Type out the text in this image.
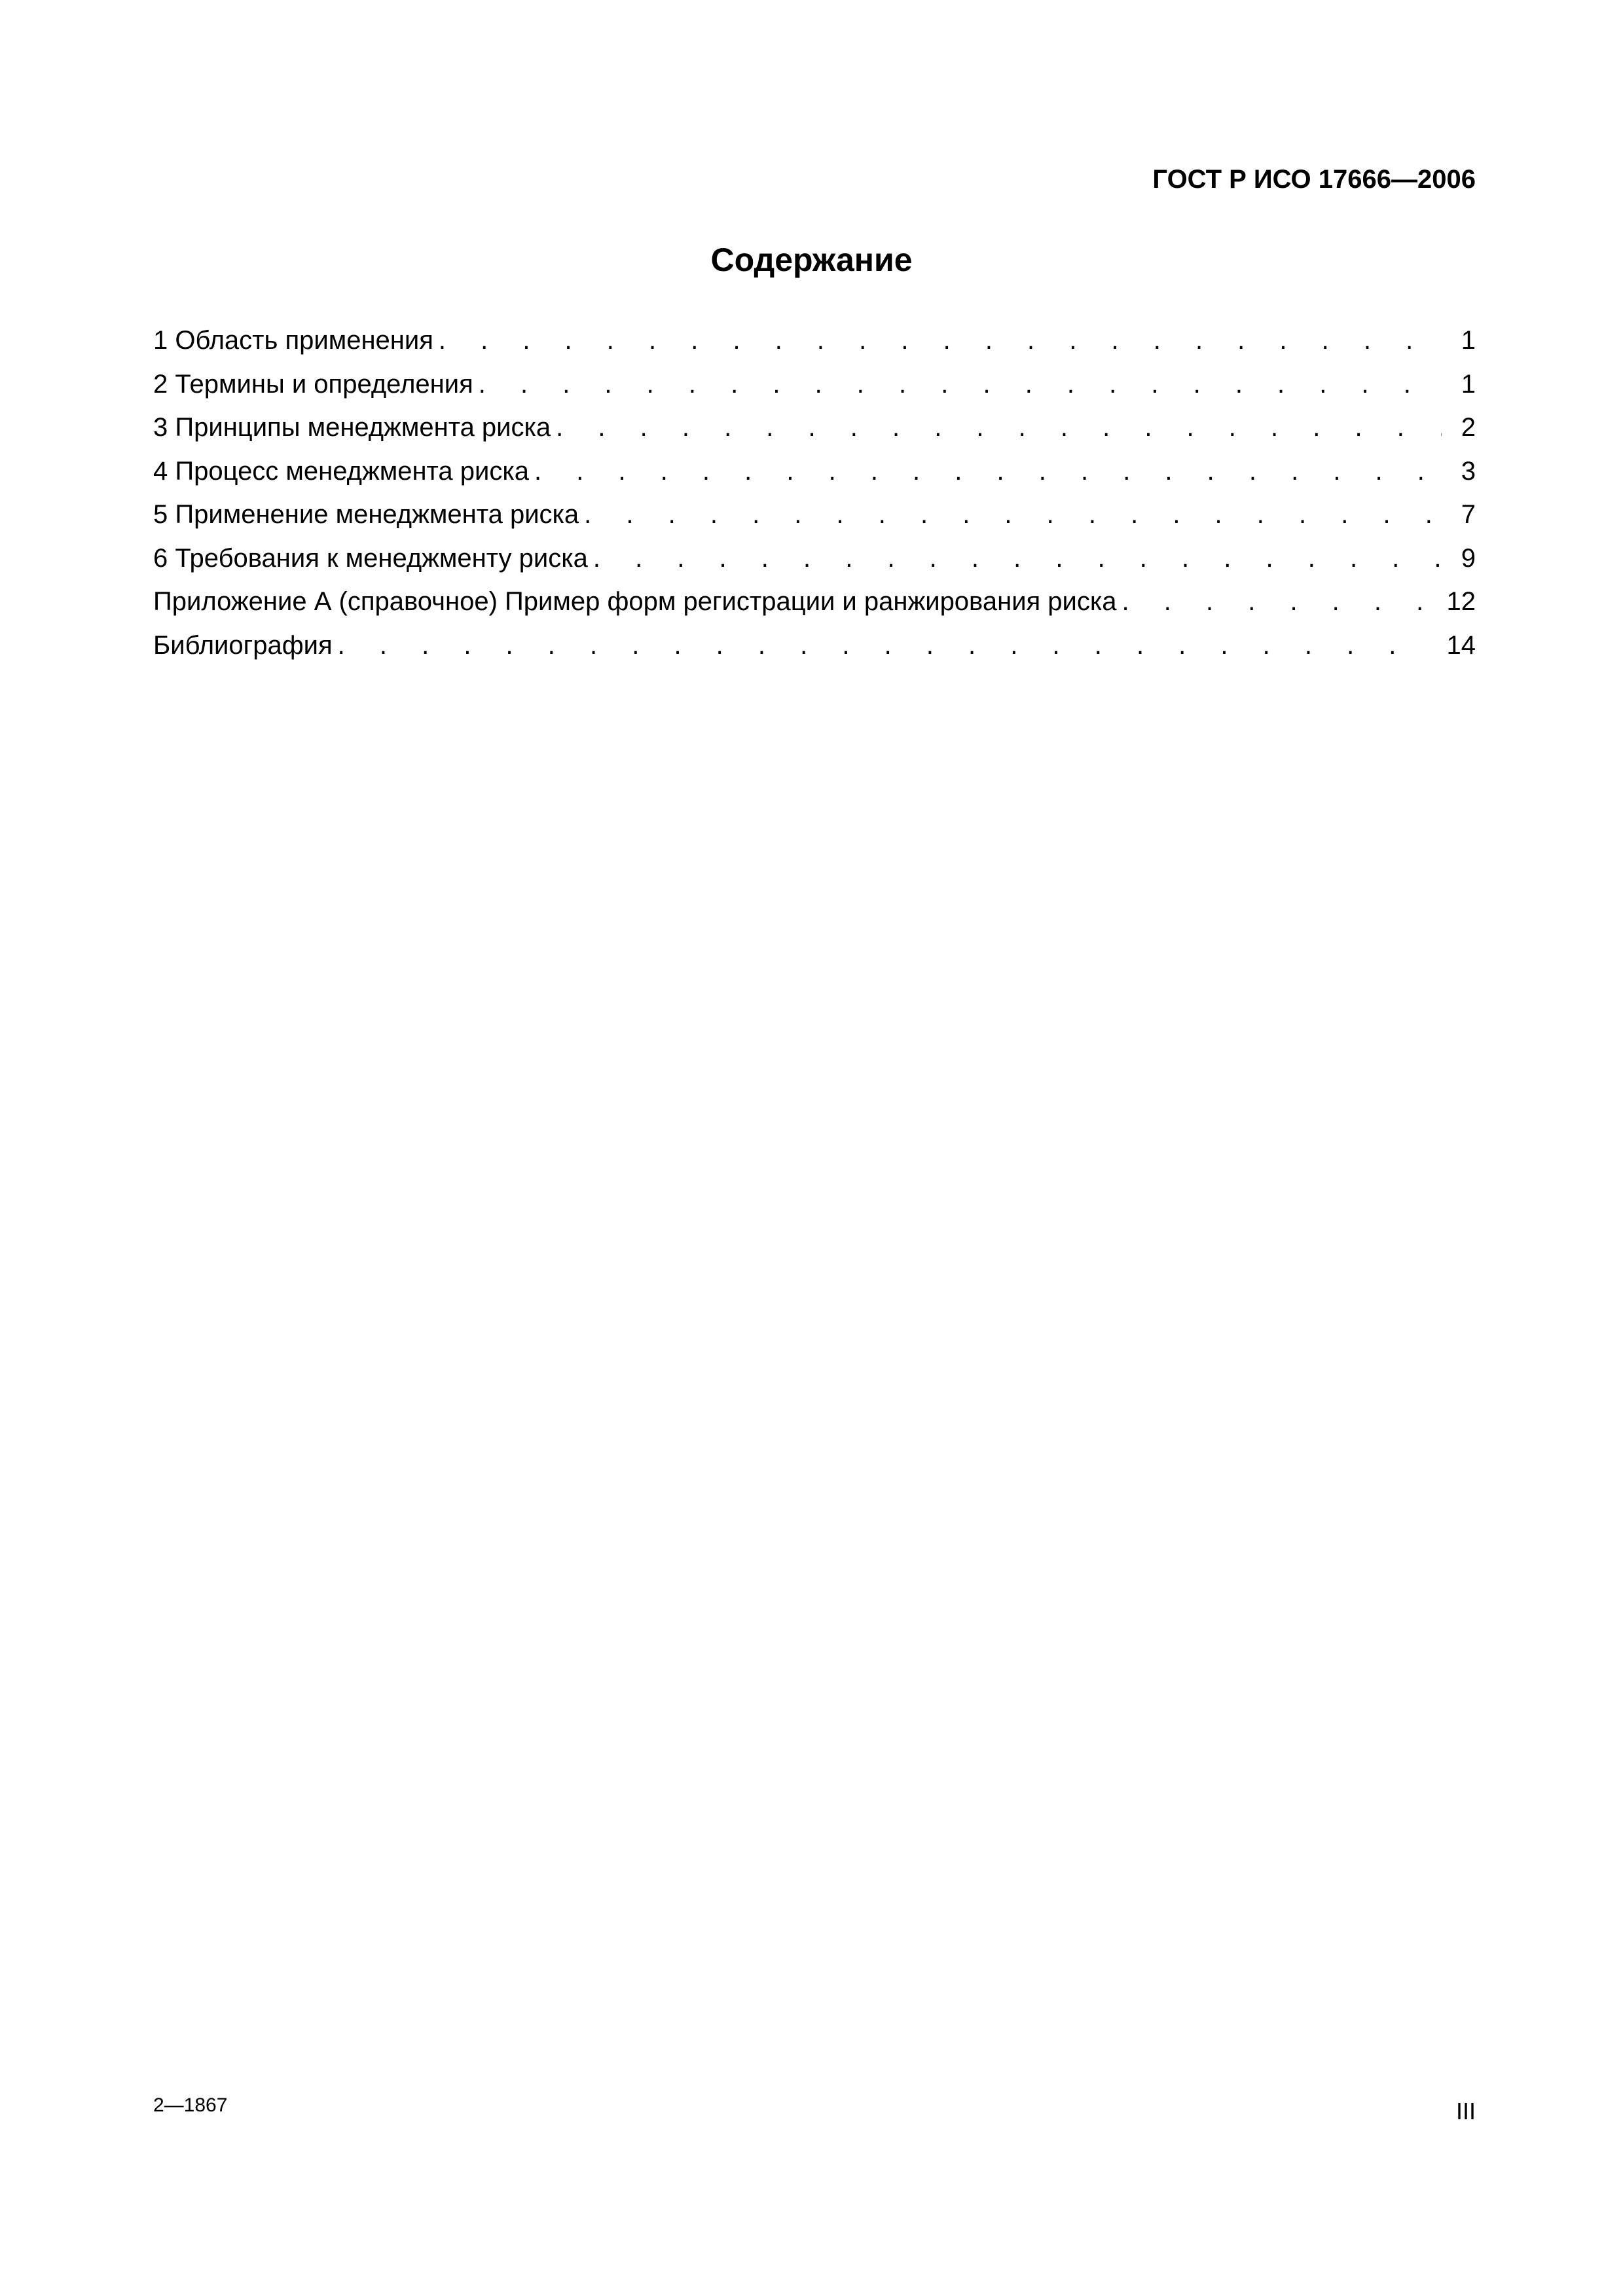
ГОСТ Р ИСО 17666—2006
Содержание
1 Область применения . . .	1
2 Термины и определения . . .	1
3 Принципы менеджмента риска . . .	2
4 Процесс менеджмента риска . . .	3
5 Применение менеджмента риска . . .	7
6 Требования к менеджменту риска . . .	9
Приложение А (справочное) Пример форм регистрации и ранжирования риска . . .	12
Библиография . . .	14
2—1867	III
